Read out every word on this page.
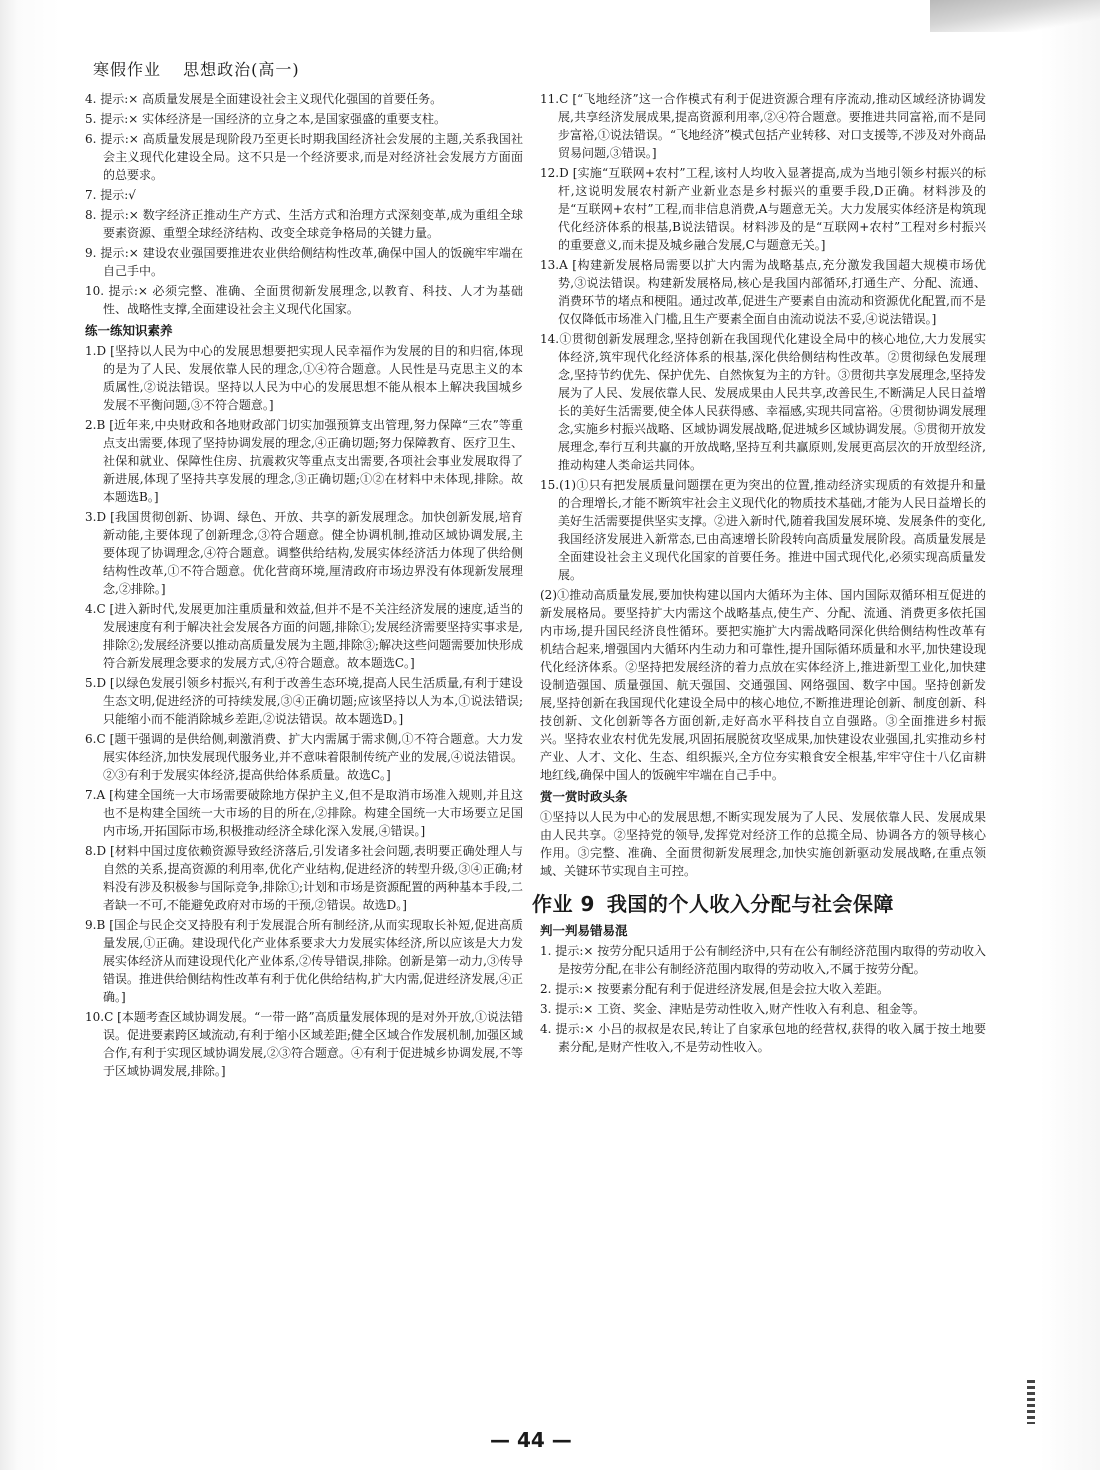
寒假作业 思想政治(高一)
4. 提示:× 高质量发展是全面建设社会主义现代化强国的首要任务。
5. 提示:× 实体经济是一国经济的立身之本,是国家强盛的重要支柱。
6. 提示:× 高质量发展是现阶段乃至更长时期我国经济社会发展的主题,关系我国社会主义现代化建设全局。这不只是一个经济要求,而是对经济社会发展方方面面的总要求。
7. 提示:√
8. 提示:× 数字经济正推动生产方式、生活方式和治理方式深刻变革,成为重组全球要素资源、重塑全球经济结构、改变全球竞争格局的关键力量。
9. 提示:× 建设农业强国要推进农业供给侧结构性改革,确保中国人的饭碗牢牢端在自己手中。
10. 提示:× 必须完整、准确、全面贯彻新发展理念,以教育、科技、人才为基础性、战略性支撑,全面建设社会主义现代化国家。
练一练知识素养
1.D [坚持以人民为中心的发展思想要把实现人民幸福作为发展的目的和归宿,体现的是为了人民、发展依靠人民的理念,①④符合题意。人民性是马克思主义的本质属性,②说法错误。坚持以人民为中心的发展思想不能从根本上解决我国城乡发展不平衡问题,③不符合题意。]
2.B [近年来,中央财政和各地财政部门切实加强预算支出管理,努力保障“三农”等重点支出需要,体现了坚持协调发展的理念,④正确切题;努力保障教育、医疗卫生、社保和就业、保障性住房、抗震救灾等重点支出需要,各项社会事业发展取得了新进展,体现了坚持共享发展的理念,③正确切题;①②在材料中未体现,排除。故本题选B。]
3.D [我国贯彻创新、协调、绿色、开放、共享的新发展理念。加快创新发展,培育新动能,主要体现了创新理念,③符合题意。健全协调机制,推动区域协调发展,主要体现了协调理念,④符合题意。调整供给结构,发展实体经济活力体现了供给侧结构性改革,①不符合题意。优化营商环境,厘清政府市场边界没有体现新发展理念,②排除。]
4.C [进入新时代,发展更加注重质量和效益,但并不是不关注经济发展的速度,适当的发展速度有利于解决社会发展各方面的问题,排除①;发展经济需要坚持实事求是,排除②;发展经济要以推动高质量发展为主题,排除③;解决这些问题需要加快形成符合新发展理念要求的发展方式,④符合题意。故本题选C。]
5.D [以绿色发展引领乡村振兴,有利于改善生态环境,提高人民生活质量,有利于建设生态文明,促进经济的可持续发展,③④正确切题;应该坚持以人为本,①说法错误;只能缩小而不能消除城乡差距,②说法错误。故本题选D。]
6.C [题干强调的是供给侧,刺激消费、扩大内需属于需求侧,①不符合题意。大力发展实体经济,加快发展现代服务业,并不意味着限制传统产业的发展,④说法错误。②③有利于发展实体经济,提高供给体系质量。故选C。]
7.A [构建全国统一大市场需要破除地方保护主义,但不是取消市场准入规则,并且这也不是构建全国统一大市场的目的所在,②排除。构建全国统一大市场要立足国内市场,开拓国际市场,积极推动经济全球化深入发展,④错误。]
8.D [材料中国过度依赖资源导致经济落后,引发诸多社会问题,表明要正确处理人与自然的关系,提高资源的利用率,优化产业结构,促进经济的转型升级,③④正确;材料没有涉及积极参与国际竞争,排除①;计划和市场是资源配置的两种基本手段,二者缺一不可,不能避免政府对市场的干预,②错误。故选D。]
9.B [国企与民企交叉持股有利于发展混合所有制经济,从而实现取长补短,促进高质量发展,①正确。建设现代化产业体系要求大力发展实体经济,所以应该是大力发展实体经济从而建设现代化产业体系,②传导错误,排除。创新是第一动力,③传导错误。推进供给侧结构性改革有利于优化供给结构,扩大内需,促进经济发展,④正确。]
10.C [本题考查区域协调发展。“一带一路”高质量发展体现的是对外开放,①说法错误。促进要素跨区域流动,有利于缩小区域差距;健全区域合作发展机制,加强区域合作,有利于实现区域协调发展,②③符合题意。④有利于促进城乡协调发展,不等于区域协调发展,排除。]
11.C [“飞地经济”这一合作模式有利于促进资源合理有序流动,推动区域经济协调发展,共享经济发展成果,提高资源利用率,②④符合题意。要推进共同富裕,而不是同步富裕,①说法错误。“飞地经济”模式包括产业转移、对口支援等,不涉及对外商品贸易问题,③错误。]
12.D [实施“互联网+农村”工程,该村人均收入显著提高,成为当地引领乡村振兴的标杆,这说明发展农村新产业新业态是乡村振兴的重要手段,D正确。材料涉及的是“互联网+农村”工程,而非信息消费,A与题意无关。大力发展实体经济是构筑现代化经济体系的根基,B说法错误。材料涉及的是“互联网+农村”工程对乡村振兴的重要意义,而未提及城乡融合发展,C与题意无关。]
13.A [构建新发展格局需要以扩大内需为战略基点,充分激发我国超大规模市场优势,③说法错误。构建新发展格局,核心是我国内部循环,打通生产、分配、流通、消费环节的堵点和梗阻。通过改革,促进生产要素自由流动和资源优化配置,而不是仅仅降低市场准入门槛,且生产要素全面自由流动说法不妥,④说法错误。]
14.①贯彻创新发展理念,坚持创新在我国现代化建设全局中的核心地位,大力发展实体经济,筑牢现代化经济体系的根基,深化供给侧结构性改革。②贯彻绿色发展理念,坚持节约优先、保护优先、自然恢复为主的方针。③贯彻共享发展理念,坚持发展为了人民、发展依靠人民、发展成果由人民共享,改善民生,不断满足人民日益增长的美好生活需要,使全体人民获得感、幸福感,实现共同富裕。④贯彻协调发展理念,实施乡村振兴战略、区域协调发展战略,促进城乡区域协调发展。⑤贯彻开放发展理念,奉行互利共赢的开放战略,坚持互利共赢原则,发展更高层次的开放型经济,推动构建人类命运共同体。
15.(1)①只有把发展质量问题摆在更为突出的位置,推动经济实现质的有效提升和量的合理增长,才能不断筑牢社会主义现代化的物质技术基础,才能为人民日益增长的美好生活需要提供坚实支撑。②进入新时代,随着我国发展环境、发展条件的变化,我国经济发展进入新常态,已由高速增长阶段转向高质量发展阶段。高质量发展是全面建设社会主义现代化国家的首要任务。推进中国式现代化,必须实现高质量发展。
(2)①推动高质量发展,要加快构建以国内大循环为主体、国内国际双循环相互促进的新发展格局。要坚持扩大内需这个战略基点,使生产、分配、流通、消费更多依托国内市场,提升国民经济良性循环。要把实施扩大内需战略同深化供给侧结构性改革有机结合起来,增强国内大循环内生动力和可靠性,提升国际循环质量和水平,加快建设现代化经济体系。②坚持把发展经济的着力点放在实体经济上,推进新型工业化,加快建设制造强国、质量强国、航天强国、交通强国、网络强国、数字中国。坚持创新发展,坚持创新在我国现代化建设全局中的核心地位,不断推进理论创新、制度创新、科技创新、文化创新等各方面创新,走好高水平科技自立自强路。③全面推进乡村振兴。坚持农业农村优先发展,巩固拓展脱贫攻坚成果,加快建设农业强国,扎实推动乡村产业、人才、文化、生态、组织振兴,全方位夯实粮食安全根基,牢牢守住十八亿亩耕地红线,确保中国人的饭碗牢牢端在自己手中。
赏一赏时政头条
①坚持以人民为中心的发展思想,不断实现发展为了人民、发展依靠人民、发展成果由人民共享。②坚持党的领导,发挥党对经济工作的总揽全局、协调各方的领导核心作用。③完整、准确、全面贯彻新发展理念,加快实施创新驱动发展战略,在重点领域、关键环节实现自主可控。
作业 9 我国的个人收入分配与社会保障
判一判易错易混
1. 提示:× 按劳分配只适用于公有制经济中,只有在公有制经济范围内取得的劳动收入是按劳分配,在非公有制经济范围内取得的劳动收入,不属于按劳分配。
2. 提示:× 按要素分配有利于促进经济发展,但是会拉大收入差距。
3. 提示:× 工资、奖金、津贴是劳动性收入,财产性收入有利息、租金等。
4. 提示:× 小吕的叔叔是农民,转让了自家承包地的经营权,获得的收入属于按土地要素分配,是财产性收入,不是劳动性收入。
— 44 —
